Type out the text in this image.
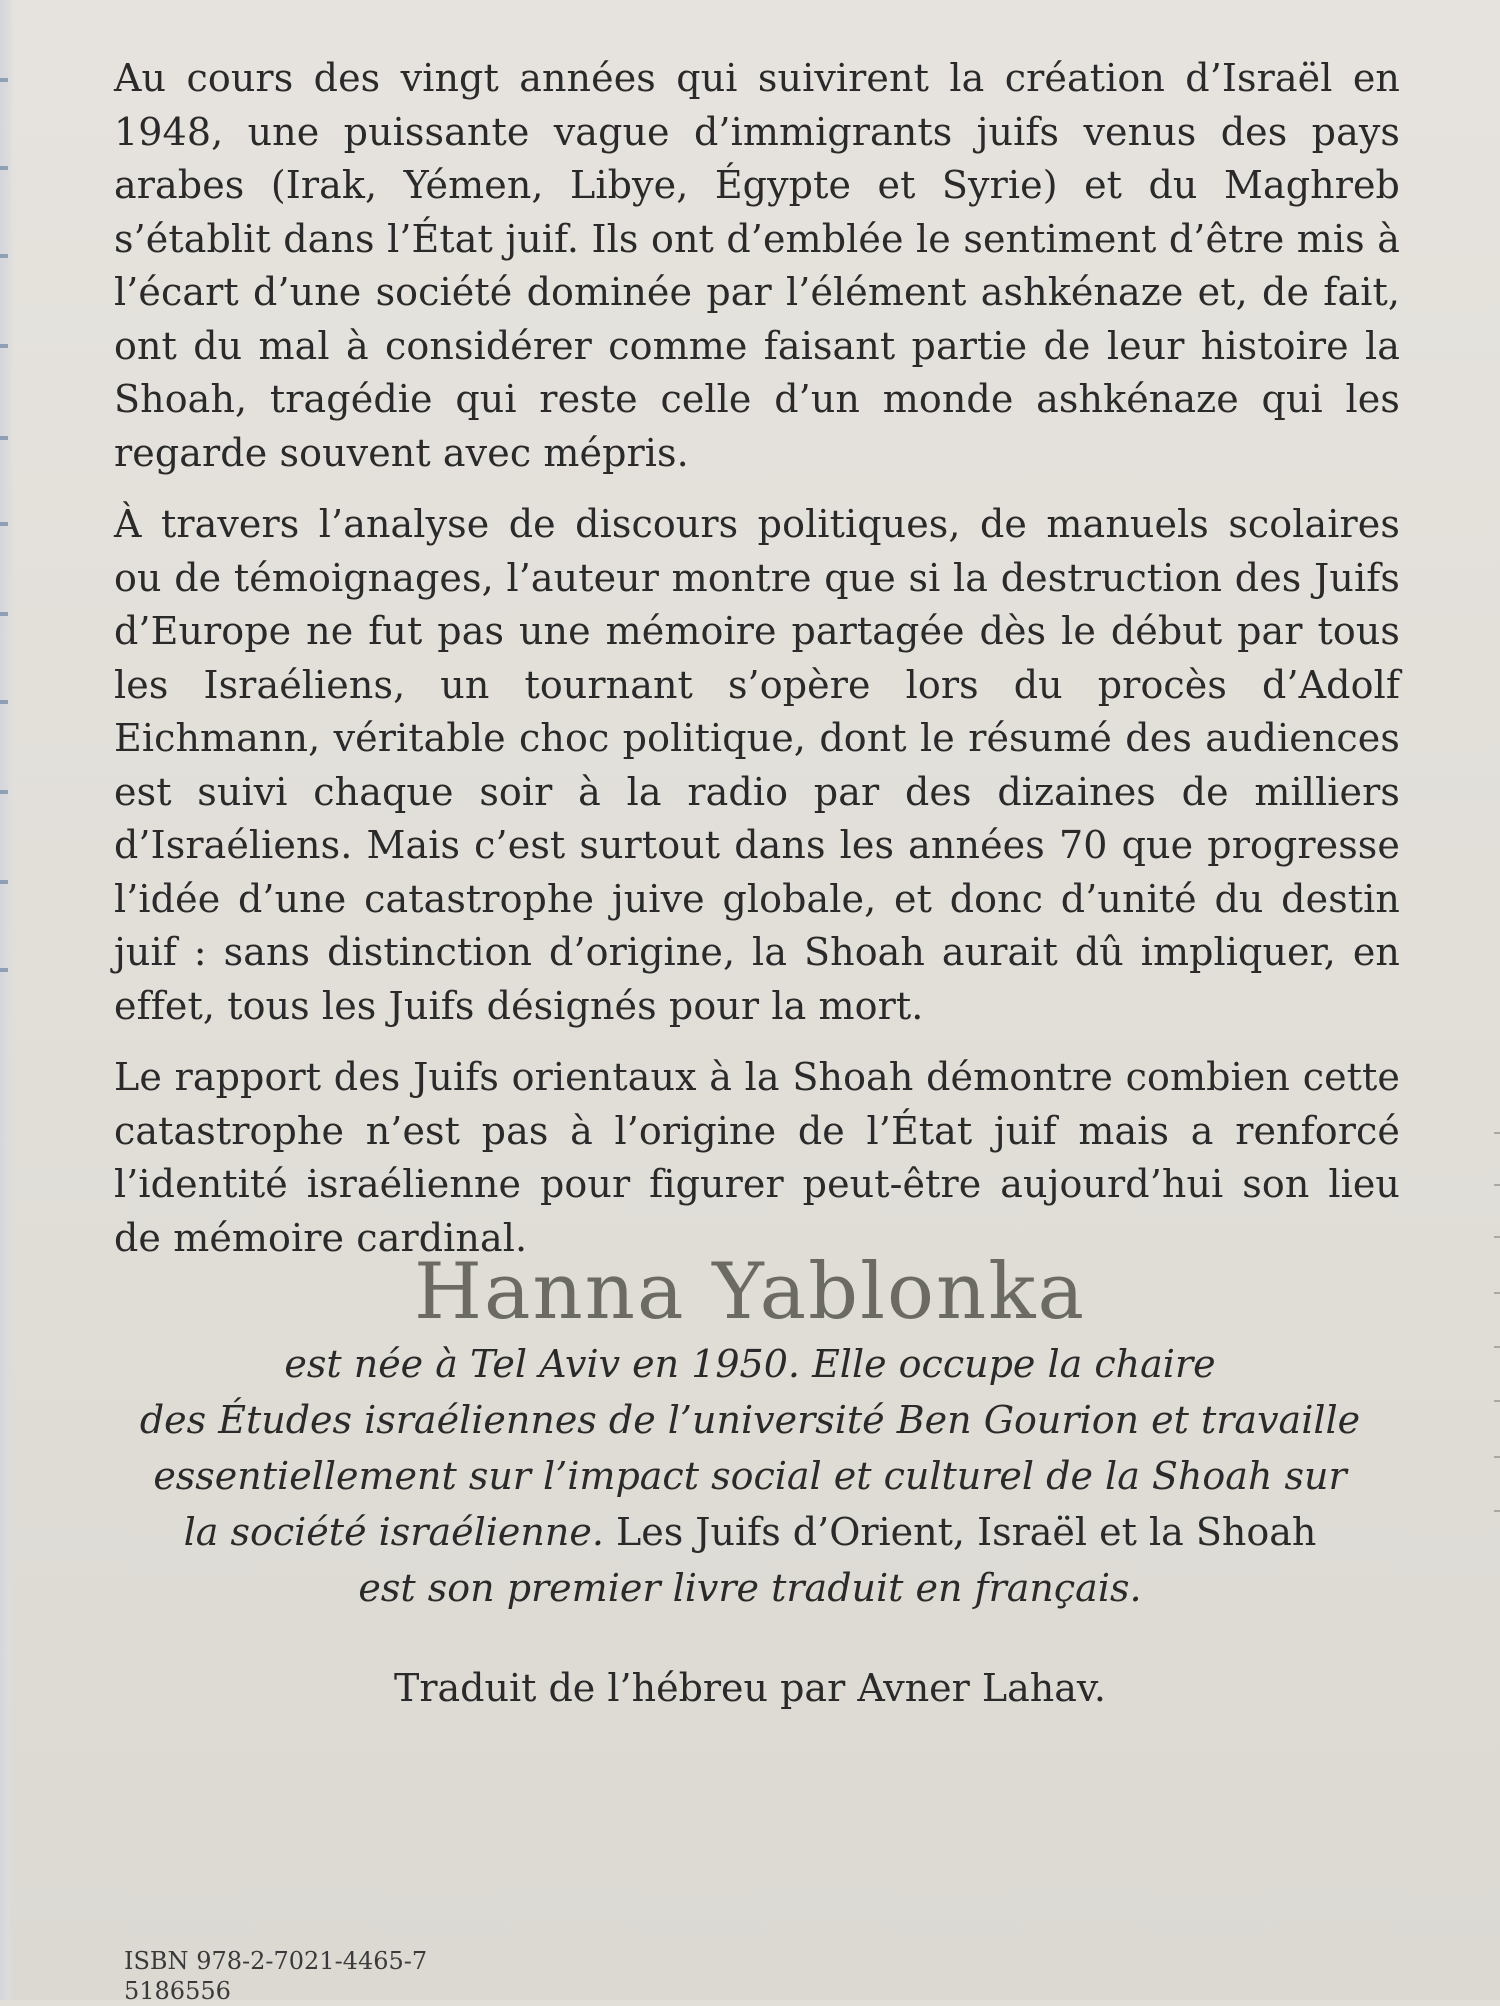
Au cours des vingt années qui suivirent la création d’Israël en 1948, une puissante vague d’immigrants juifs venus des pays arabes (Irak, Yémen, Libye, Égypte et Syrie) et du Maghreb s’établit dans l’État juif. Ils ont d’emblée le sentiment d’être mis à l’écart d’une société dominée par l’élément ashkénaze et, de fait, ont du mal à considérer comme faisant partie de leur histoire la Shoah, tragédie qui reste celle d’un monde ashkénaze qui les regarde souvent avec mépris.

À travers l’analyse de discours politiques, de manuels scolaires ou de témoignages, l’auteur montre que si la destruction des Juifs d’Europe ne fut pas une mémoire partagée dès le début par tous les Israéliens, un tournant s’opère lors du procès d’Adolf Eichmann, véritable choc politique, dont le résumé des audiences est suivi chaque soir à la radio par des dizaines de milliers d’Israéliens. Mais c’est surtout dans les années 70 que progresse l’idée d’une catastrophe juive globale, et donc d’unité du destin juif : sans distinction d’origine, la Shoah aurait dû impliquer, en effet, tous les Juifs désignés pour la mort.

Le rapport des Juifs orientaux à la Shoah démontre combien cette catastrophe n’est pas à l’origine de l’État juif mais a renforcé l’identité israélienne pour figurer peut-être aujourd’hui son lieu de mémoire cardinal.

Hanna Yablonka
est née à Tel Aviv en 1950. Elle occupe la chaire
des Études israéliennes de l’université Ben Gourion et travaille
essentiellement sur l’impact social et culturel de la Shoah sur
la société israélienne. Les Juifs d’Orient, Israël et la Shoah
est son premier livre traduit en français.
Traduit de l’hébreu par Avner Lahav.
ISBN 978-2-7021-4465-7
5186556
